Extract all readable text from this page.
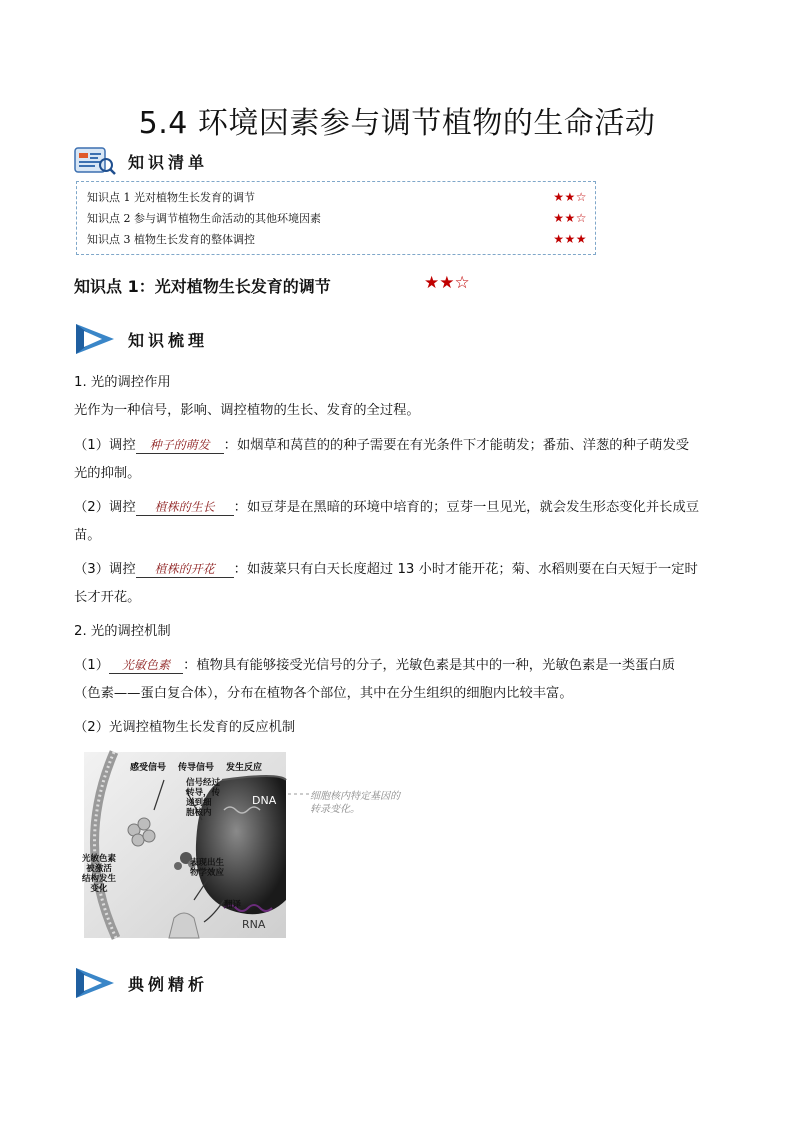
5.4 环境因素参与调节植物的生命活动
知识清单
知识点 1 光对植物生长发育的调节	★★☆
知识点 2 参与调节植物生命活动的其他环境因素	★★☆
知识点 3 植物生长发育的整体调控	★★★
知识点 1：光对植物生长发育的调节	★★☆
知识梳理
1. 光的调控作用
光作为一种信号，影响、调控植物的生长、发育的全过程。
（1）调控 种子的萌发 ：如烟草和莴苣的的种子需要在有光条件下才能萌发；番茄、洋葱的种子萌发受
光的抑制。
（2）调控 植株的生长 ：如豆芽是在黑暗的环境中培育的；豆芽一旦见光，就会发生形态变化并长成豆
苗。
（3）调控 植株的开花 ：如菠菜只有白天长度超过 13 小时才能开花；菊、水稻则要在白天短于一定时
长才开花。
2. 光的调控机制
（1） 光敏色素 ：植物具有能够接受光信号的分子，光敏色素是其中的一种，光敏色素是一类蛋白质
（色素——蛋白复合体），分布在植物各个部位，其中在分生组织的细胞内比较丰富。
（2）光调控植物生长发育的反应机制
感受信号 传导信号 发生反应
信号经过
转导，传
递到细
胞核内
DNA
RNA
翻译
表现出生
物学效应
光敏色素
被激活
结构发生
变化
细胞核内特定基因的
转录变化。
典例精析
